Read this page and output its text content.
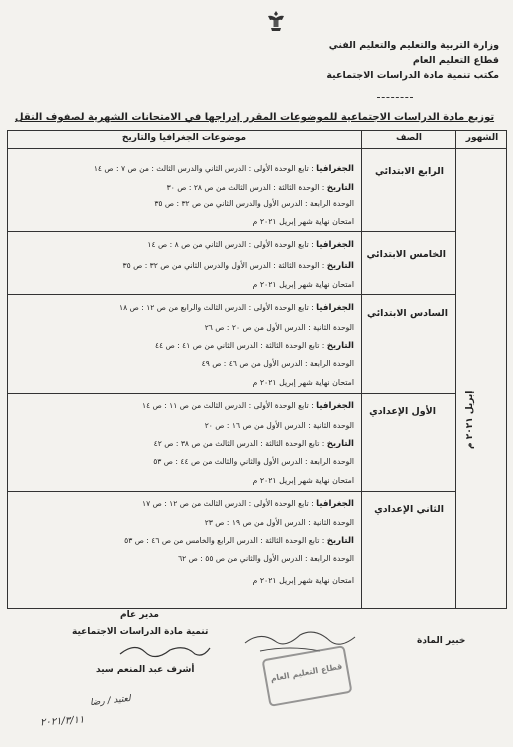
وزارة التربية والتعليم والتعليم الفني
قطاع التعليم العام
مكتب تنمية مادة الدراسات الاجتماعية
توزيع مادة الدراسات الاجتماعية للموضوعات المقرر إدراجها في الامتحانات الشهرية لصفوف النقل
الشهور
الصف
موضوعات الجغرافيا والتاريخ
الرابع الابتدائي
الجغرافيا : تابع الوحدة الأولى : الدرس الثاني والدرس الثالث : من ص ٧ : ص ١٤
التاريخ : الوحدة الثالثة : الدرس الثالث من ص ٢٨ : ص ٣٠
الوحدة الرابعة : الدرس الأول والدرس الثاني من ص ٣٢ : ص ٣٥
امتحان نهاية شهر إبريل ٢٠٢١ م
الخامس الابتدائي
الجغرافيا : تابع الوحدة الأولى : الدرس الثاني من ص ٨ : ص ١٤
التاريخ : الوحدة الثالثة : الدرس الأول والدرس الثاني من ص ٣٢ : ص ٣٥
امتحان نهاية شهر إبريل ٢٠٢١ م
السادس الابتدائي
الجغرافيا : تابع الوحدة الأولى : الدرس الثالث والرابع من ص ١٢ : ص ١٨
الوحدة الثانية : الدرس الأول من ص ٢٠ : ص ٢٦
التاريخ : تابع الوحدة الثالثة : الدرس الثاني من ص ٤١ : ص ٤٤
الوحدة الرابعة : الدرس الأول من ص ٤٦ : ص ٤٩
امتحان نهاية شهر إبريل ٢٠٢١ م
الأول الإعدادي
الجغرافيا : تابع الوحدة الأولى : الدرس الثالث من ص ١١ : ص ١٤
الوحدة الثانية : الدرس الأول من ص ١٦ : ص ٢٠
التاريخ : تابع الوحدة الثالثة : الدرس الثالث من ص ٣٨ : ص ٤٢
الوحدة الرابعة : الدرس الأول والثاني والثالث من ص ٤٤ : ص ٥٣
امتحان نهاية شهر إبريل ٢٠٢١ م
الثاني الإعدادي
الجغرافيا : تابع الوحدة الأولى : الدرس الثالث من ص ١٢ : ص ١٧
الوحدة الثانية : الدرس الأول من ص ١٩ : ص ٢٣
التاريخ : تابع الوحدة الثالثة : الدرس الرابع والخامس من ص ٤٦ : ص ٥٣
الوحدة الرابعة : الدرس الأول والثاني من ص ٥٥ : ص ٦٢
امتحان نهاية شهر إبريل ٢٠٢١ م
إبريل ٢٠٢١ م
خبير المادة
مدير عام
تنمية مادة الدراسات الاجتماعية
أشرف عبد المنعم سيد	قطاع التعليم العام
لعتيد / رضا
٢٠٢١/٣/١١
